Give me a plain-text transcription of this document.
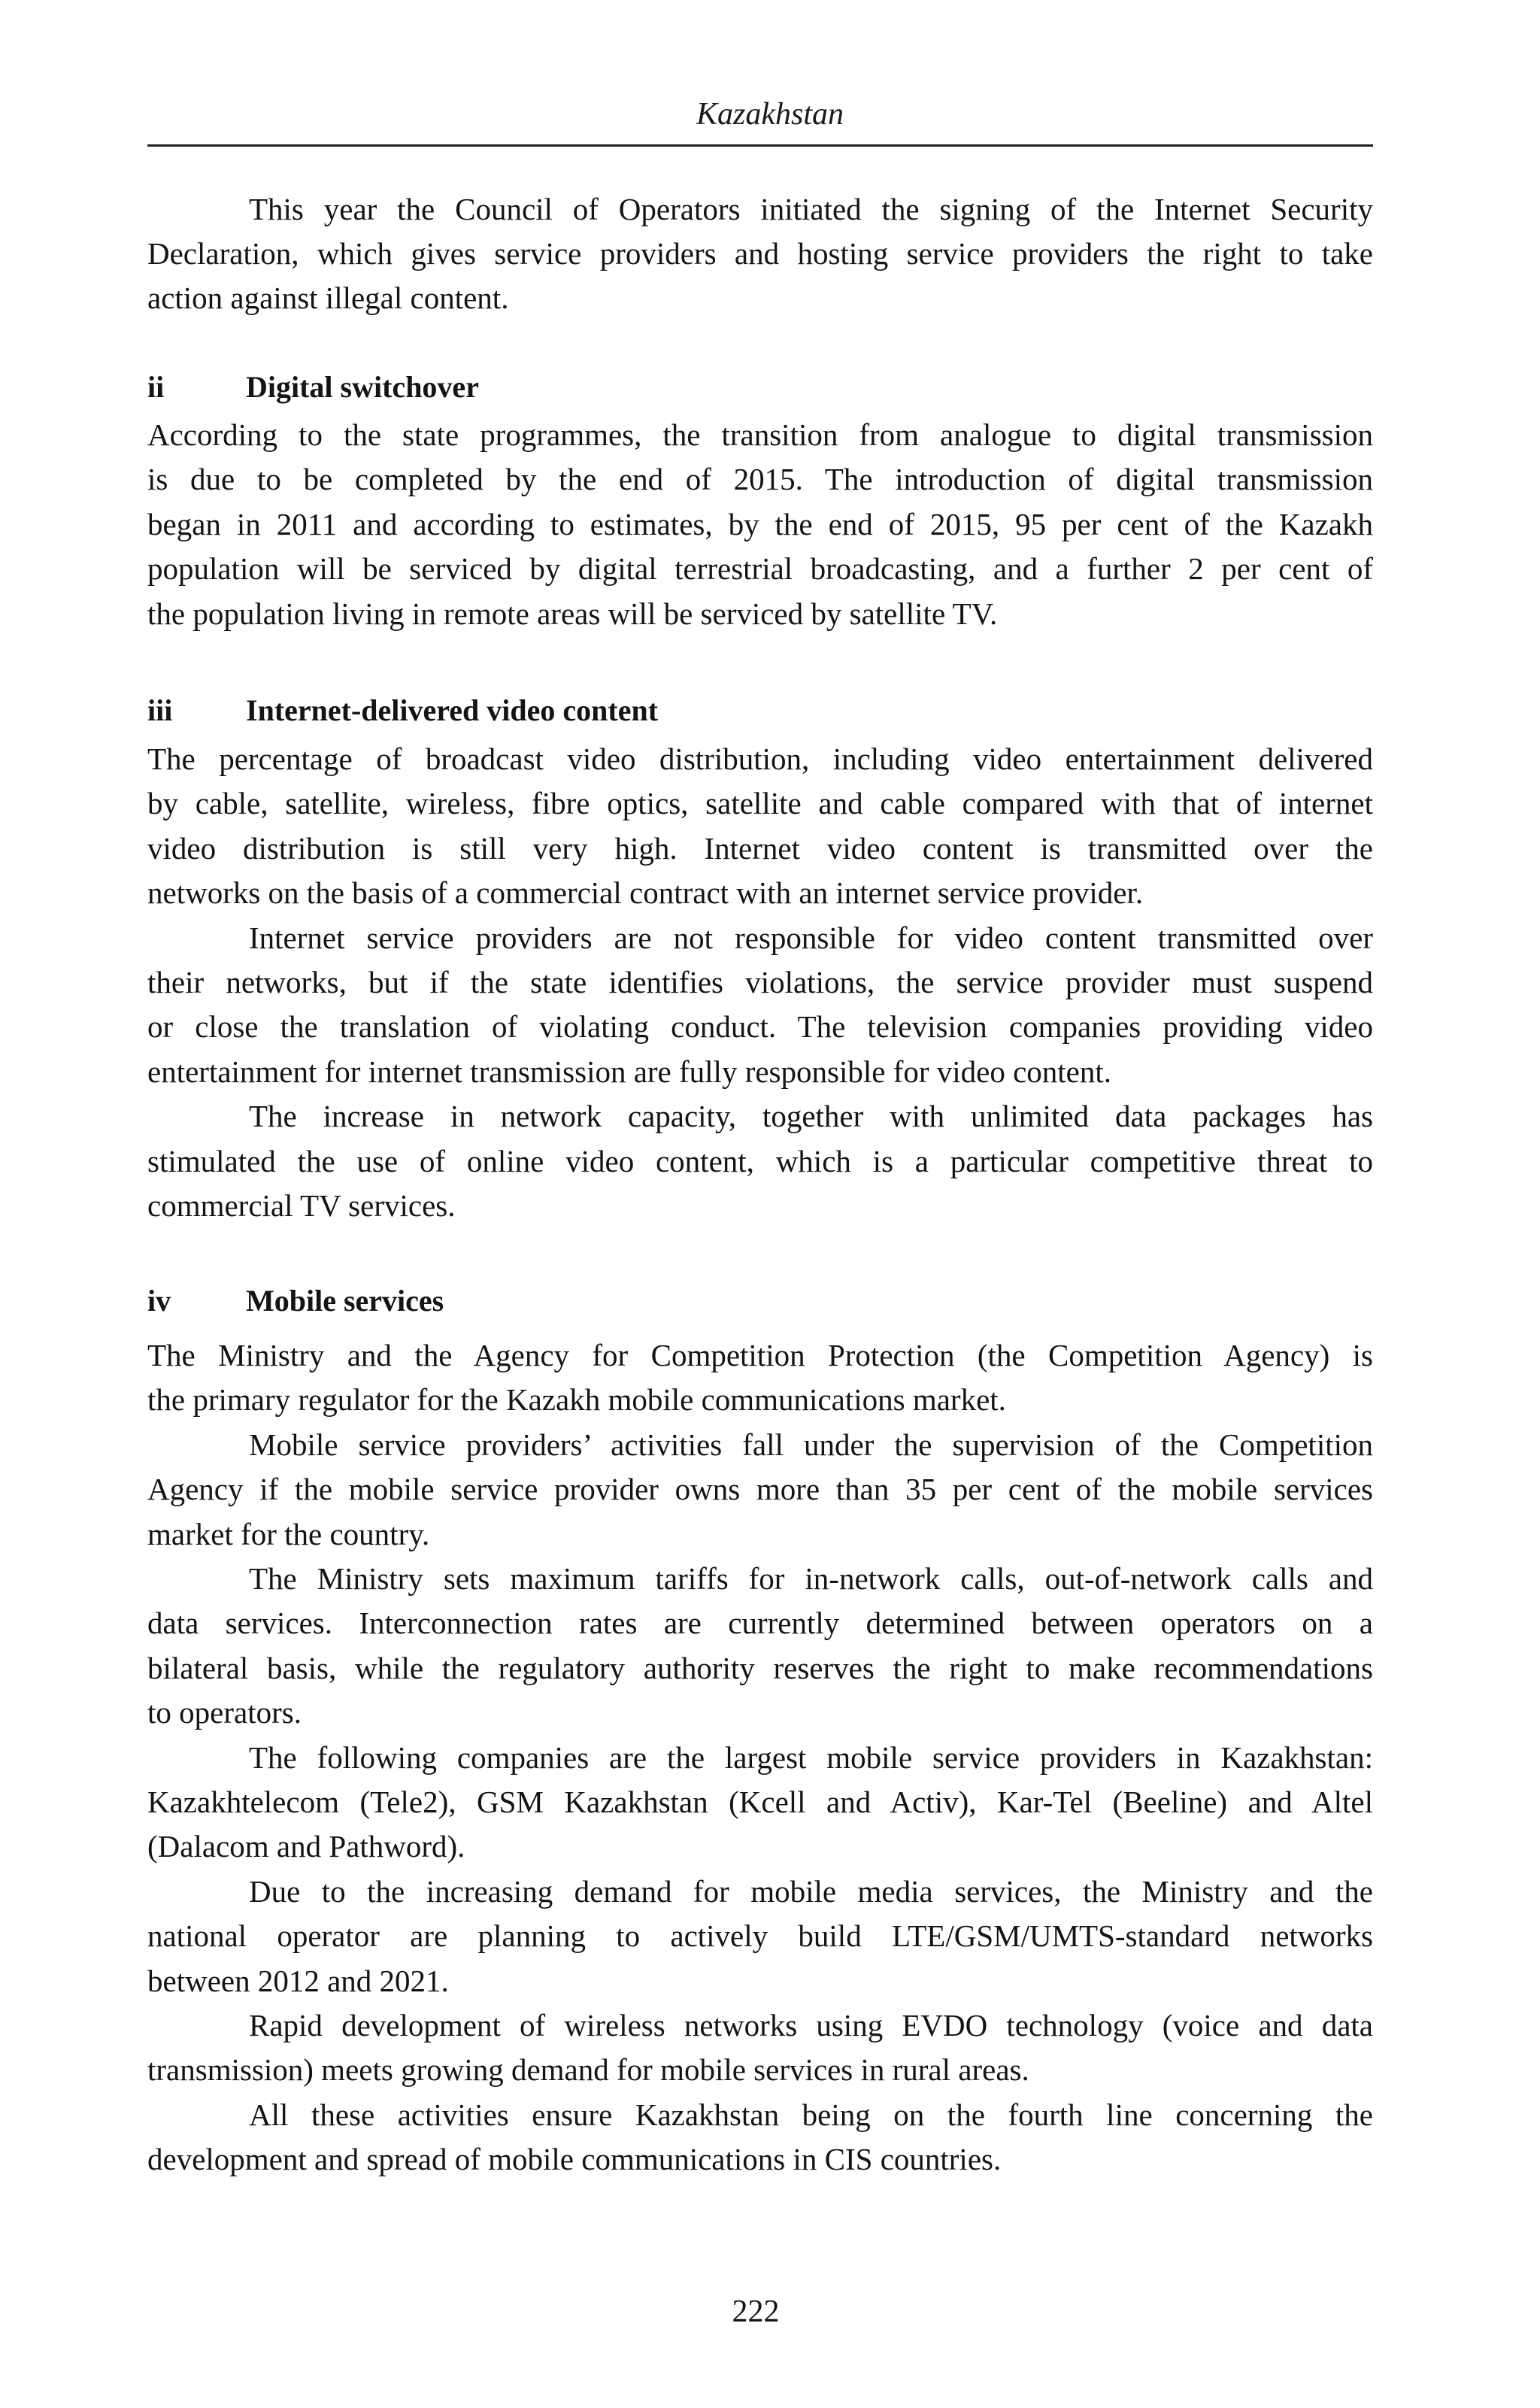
Kazakhstan
This year the Council of Operators initiated the signing of the Internet Security
Declaration, which gives service providers and hosting service providers the right to take
action against illegal content.
ii	Digital switchover
According to the state programmes, the transition from analogue to digital transmission
is due to be completed by the end of 2015. The introduction of digital transmission
began in 2011 and according to estimates, by the end of 2015, 95 per cent of the Kazakh
population will be serviced by digital terrestrial broadcasting, and a further 2 per cent of
the population living in remote areas will be serviced by satellite TV.
iii Internet-delivered video content
The percentage of broadcast video distribution, including video entertainment delivered
by cable, satellite, wireless, fibre optics, satellite and cable compared with that of internet
video distribution is still very high. Internet video content is transmitted over the
networks on the basis of a commercial contract with an internet service provider.
Internet service providers are not responsible for video content transmitted over
their networks, but if the state identifies violations, the service provider must suspend
or close the translation of violating conduct. The television companies providing video
entertainment for internet transmission are fully responsible for video content.
The increase in network capacity, together with unlimited data packages has
stimulated the use of online video content, which is a particular competitive threat to
commercial TV services.
iv Mobile services
The Ministry and the Agency for Competition Protection (the Competition Agency) is
the primary regulator for the Kazakh mobile communications market.
Mobile service providers’ activities fall under the supervision of the Competition
Agency if the mobile service provider owns more than 35 per cent of the mobile services
market for the country.
The Ministry sets maximum tariffs for in-network calls, out-of-network calls and
data services. Interconnection rates are currently determined between operators on a
bilateral basis, while the regulatory authority reserves the right to make recommendations
to operators.
The following companies are the largest mobile service providers in Kazakhstan:
Kazakhtelecom (Tele2), GSM Kazakhstan (Kcell and Activ), Kar-Tel (Beeline) and Altel
(Dalacom and Pathword).
Due to the increasing demand for mobile media services, the Ministry and the
national operator are planning to actively build LTE/GSM/UMTS-standard networks
between 2012 and 2021.
Rapid development of wireless networks using EVDO technology (voice and data
transmission) meets growing demand for mobile services in rural areas.
All these activities ensure Kazakhstan being on the fourth line concerning the
development and spread of mobile communications in CIS countries.
222
